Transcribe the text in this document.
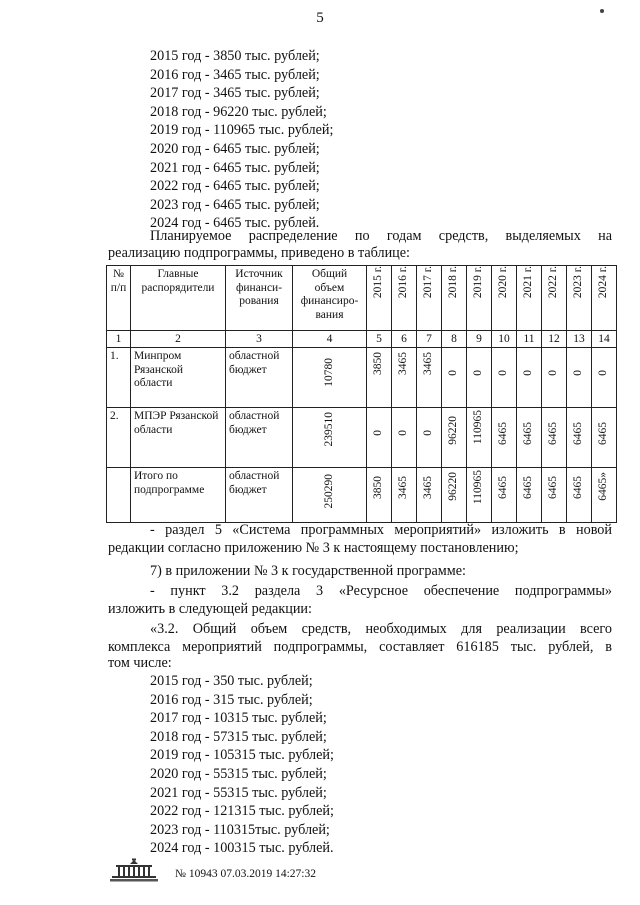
5
2015 год - 3850 тыс. рублей;
2016 год - 3465 тыс. рублей;
2017 год - 3465 тыс. рублей;
2018 год - 96220 тыс. рублей;
2019 год - 110965 тыс. рублей;
2020 год - 6465 тыс. рублей;
2021 год - 6465 тыс. рублей;
2022 год - 6465 тыс. рублей;
2023 год - 6465 тыс. рублей;
2024 год - 6465 тыс. рублей.
Планируемое распределение по годам средств, выделяемых на
реализацию подпрограммы, приведено в таблице:
№ п/п	Главные распорядители	Источник финанси-рования	Общий объем финансиро-вания	2015 г.	2016 г.	2017 г.	2018 г.	2019 г.	2020 г.	2021 г.	2022 г.	2023 г.	2024 г.

1	2	3	4	5	6	7	8	9	10	11	12	13	14
1.	Минпром Рязанской области	областной бюджет	10780	3850	3465	3465	0	0	0	0	0	0	0

2.	МПЭР Рязанской области	областной бюджет	239510	0	0	0	96220	110965	6465	6465	6465	6465	6465

	Итого по подпрограмме	областной бюджет	250290	3850	3465	3465	96220	110965	6465	6465	6465	6465	6465»
- раздел 5 «Система программных мероприятий» изложить в новой
редакции согласно приложению № 3 к настоящему постановлению;
7) в приложении № 3 к государственной программе:
- пункт 3.2 раздела 3 «Ресурсное обеспечение подпрограммы»
изложить в следующей редакции:
«3.2. Общий объем средств, необходимых для реализации всего
комплекса мероприятий подпрограммы, составляет 616185 тыс. рублей, в
том числе:
2015 год - 350 тыс. рублей;
2016 год - 315 тыс. рублей;
2017 год - 10315 тыс. рублей;
2018 год - 57315 тыс. рублей;
2019 год - 105315 тыс. рублей;
2020 год - 55315 тыс. рублей;
2021 год - 55315 тыс. рублей;
2022 год - 121315 тыс. рублей;
2023 год - 110315тыс. рублей;
2024 год - 100315 тыс. рублей.
№ 10943 07.03.2019 14:27:32
